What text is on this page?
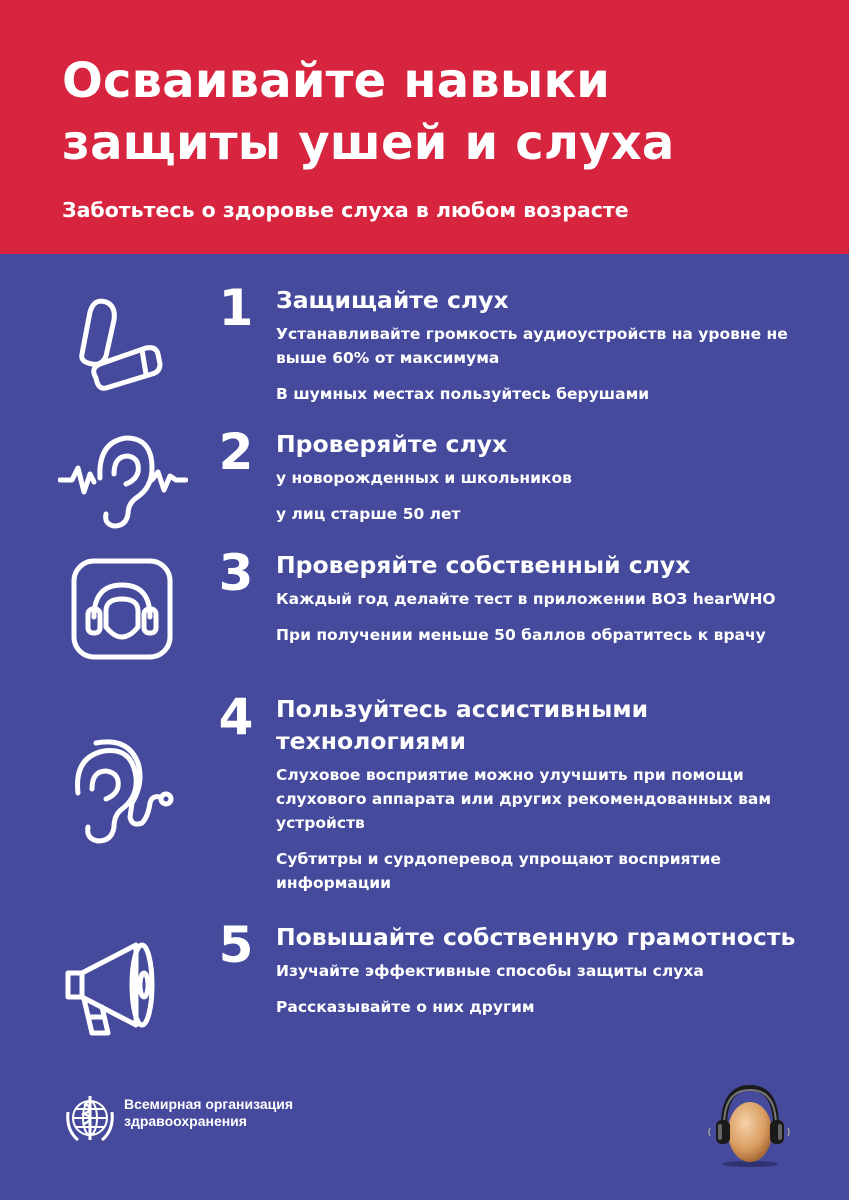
Осваивайте навыки
защиты ушей и слуха

Заботьтесь о здоровье слуха в любом возрасте

1 Защищайте слух

Устанавливайте громкость аудиоустройств на уровне не выше 60% от максимума

В шумных местах пользуйтесь берушами

2 Проверяйте слух

у новорожденных и школьников

у лиц старше 50 лет

3 Проверяйте собственный слух

Каждый год делайте тест в приложении ВОЗ hearWHO

При получении меньше 50 баллов обратитесь к врачу

4 Пользуйтесь ассистивными технологиями

Слуховое восприятие можно улучшить при помощи слухового аппарата или других рекомендованных вам устройств

Субтитры и сурдоперевод упрощают восприятие информации

5 Повышайте собственную грамотность

Изучайте эффективные способы защиты слуха

Рассказывайте о них другим

Всемирная организация
здравоохранения
